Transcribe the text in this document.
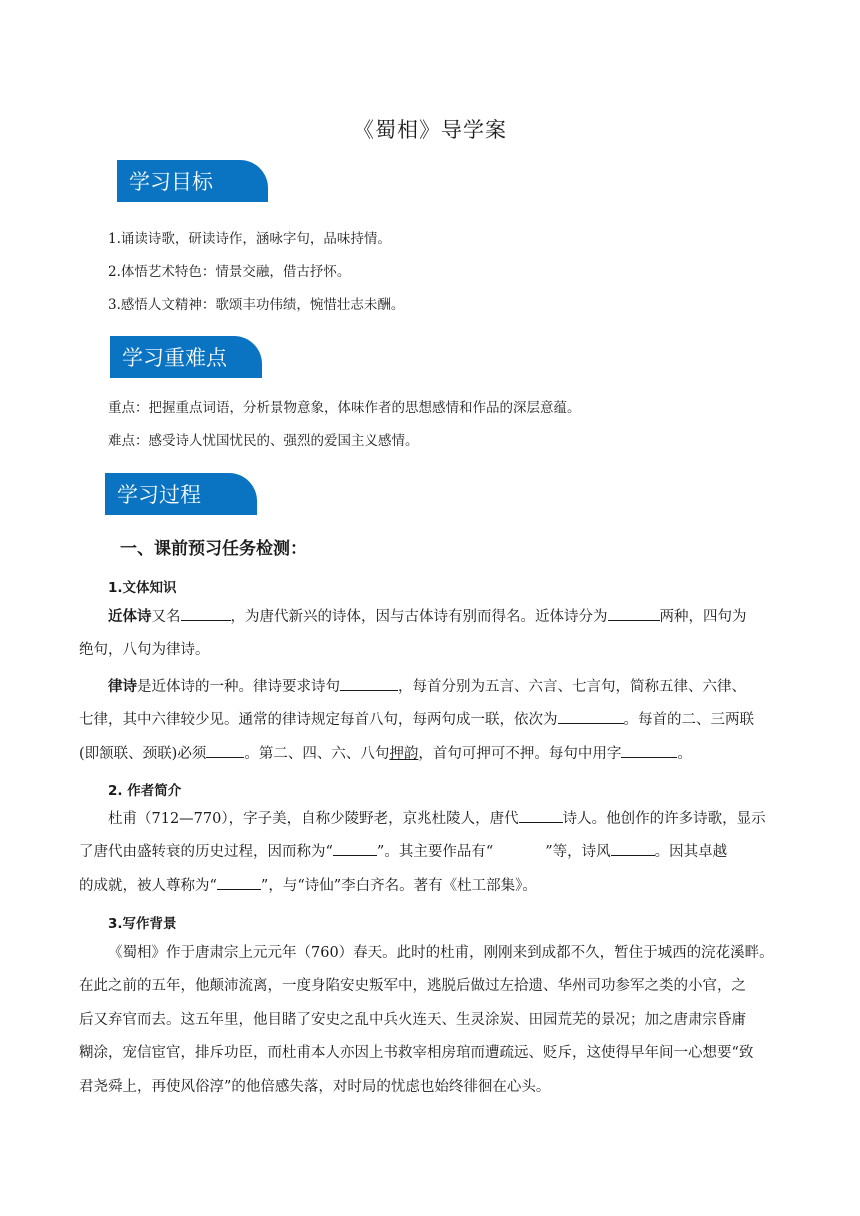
《蜀相》导学案
学习目标
1.诵读诗歌，研读诗作，涵咏字句，品味持情。
2.体悟艺术特色：情景交融，借古抒怀。
3.感悟人文精神：歌颂丰功伟绩，惋惜壮志未酬。
学习重难点
重点：把握重点词语，分析景物意象，体味作者的思想感情和作品的深层意蕴。
难点：感受诗人忧国忧民的、强烈的爱国主义感情。
学习过程
一、课前预习任务检测：
1.文体知识
近体诗又名	，为唐代新兴的诗体，因与古体诗有别而得名。近体诗分为	两种，四句为
绝句，八句为律诗。
律诗是近体诗的一种。律诗要求诗句	，每首分别为五言、六言、七言句，简称五律、六律、
七律，其中六律较少见。通常的律诗规定每首八句，每两句成一联，依次为	。每首的二、三两联
(即颔联、颈联)必须	。第二、四、六、八句押韵，首句可押可不押。每句中用字	。
2. 作者简介
杜甫（712—770），字子美，自称少陵野老，京兆杜陵人，唐代	诗人。他创作的许多诗歌，显示
了唐代由盛转衰的历史过程，因而称为“	”。其主要作品有“	”等，诗风	。因其卓越
的成就，被人尊称为“	”，与“诗仙”李白齐名。著有《杜工部集》。
3.写作背景
《蜀相》作于唐肃宗上元元年（760）春天。此时的杜甫，刚刚来到成都不久，暂住于城西的浣花溪畔。
在此之前的五年，他颠沛流离，一度身陷安史叛军中，逃脱后做过左拾遗、华州司功参军之类的小官，之
后又弃官而去。这五年里，他目睹了安史之乱中兵火连天、生灵涂炭、田园荒芜的景况；加之唐肃宗昏庸
糊涂，宠信宦官，排斥功臣，而杜甫本人亦因上书救宰相房琯而遭疏远、贬斥，这使得早年间一心想要“致
君尧舜上，再使风俗淳”的他倍感失落，对时局的忧虑也始终徘徊在心头。
